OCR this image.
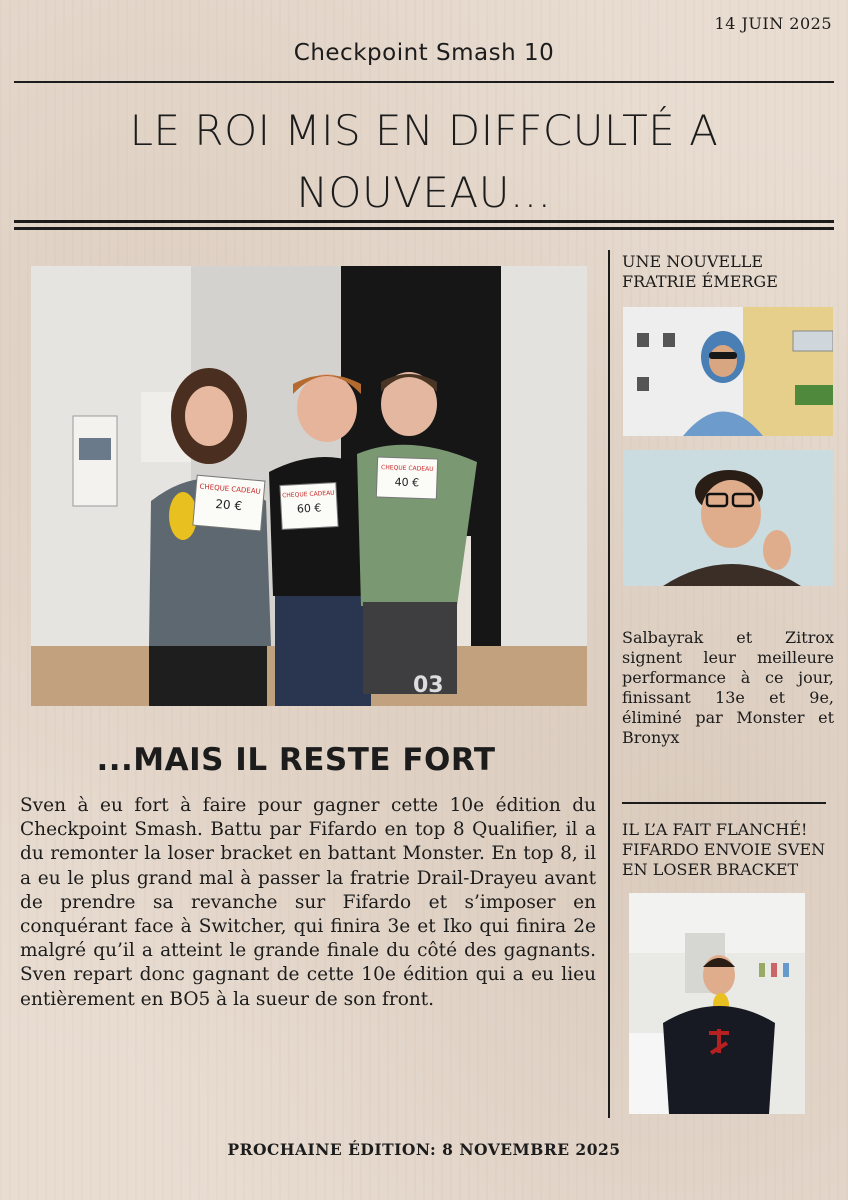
14 JUIN 2025
Checkpoint Smash 10
LE ROI MIS EN DIFFCULTÉ A NOUVEAU...
03
CHEQUE CADEAU
20 €
CHEQUE CADEAU
60 €
CHEQUE CADEAU
40 €
...MAIS IL RESTE FORT
Sven à eu fort à faire pour gagner cette 10e édition du Checkpoint Smash. Battu par Fifardo en top 8 Qualifier, il a du remonter la loser bracket en battant Monster. En top 8, il a eu le plus grand mal à passer la fratrie Drail-Drayeu avant de prendre sa revanche sur Fifardo et s’imposer en conquérant face à Switcher, qui finira 3e et Iko qui finira 2e malgré qu’il a atteint le grande finale du côté des gagnants. Sven repart donc gagnant de cette 10e édition qui a eu lieu entièrement en BO5 à la sueur de son front.
UNE NOUVELLE FRATRIE ÉMERGE
Salbayrak et Zitrox signent leur meilleure performance à ce jour, finissant 13e et 9e, éliminé par Monster et Bronyx
IL L’A FAIT FLANCHÉ! FIFARDO ENVOIE SVEN EN LOSER BRACKET
PROCHAINE ÉDITION: 8 NOVEMBRE 2025
